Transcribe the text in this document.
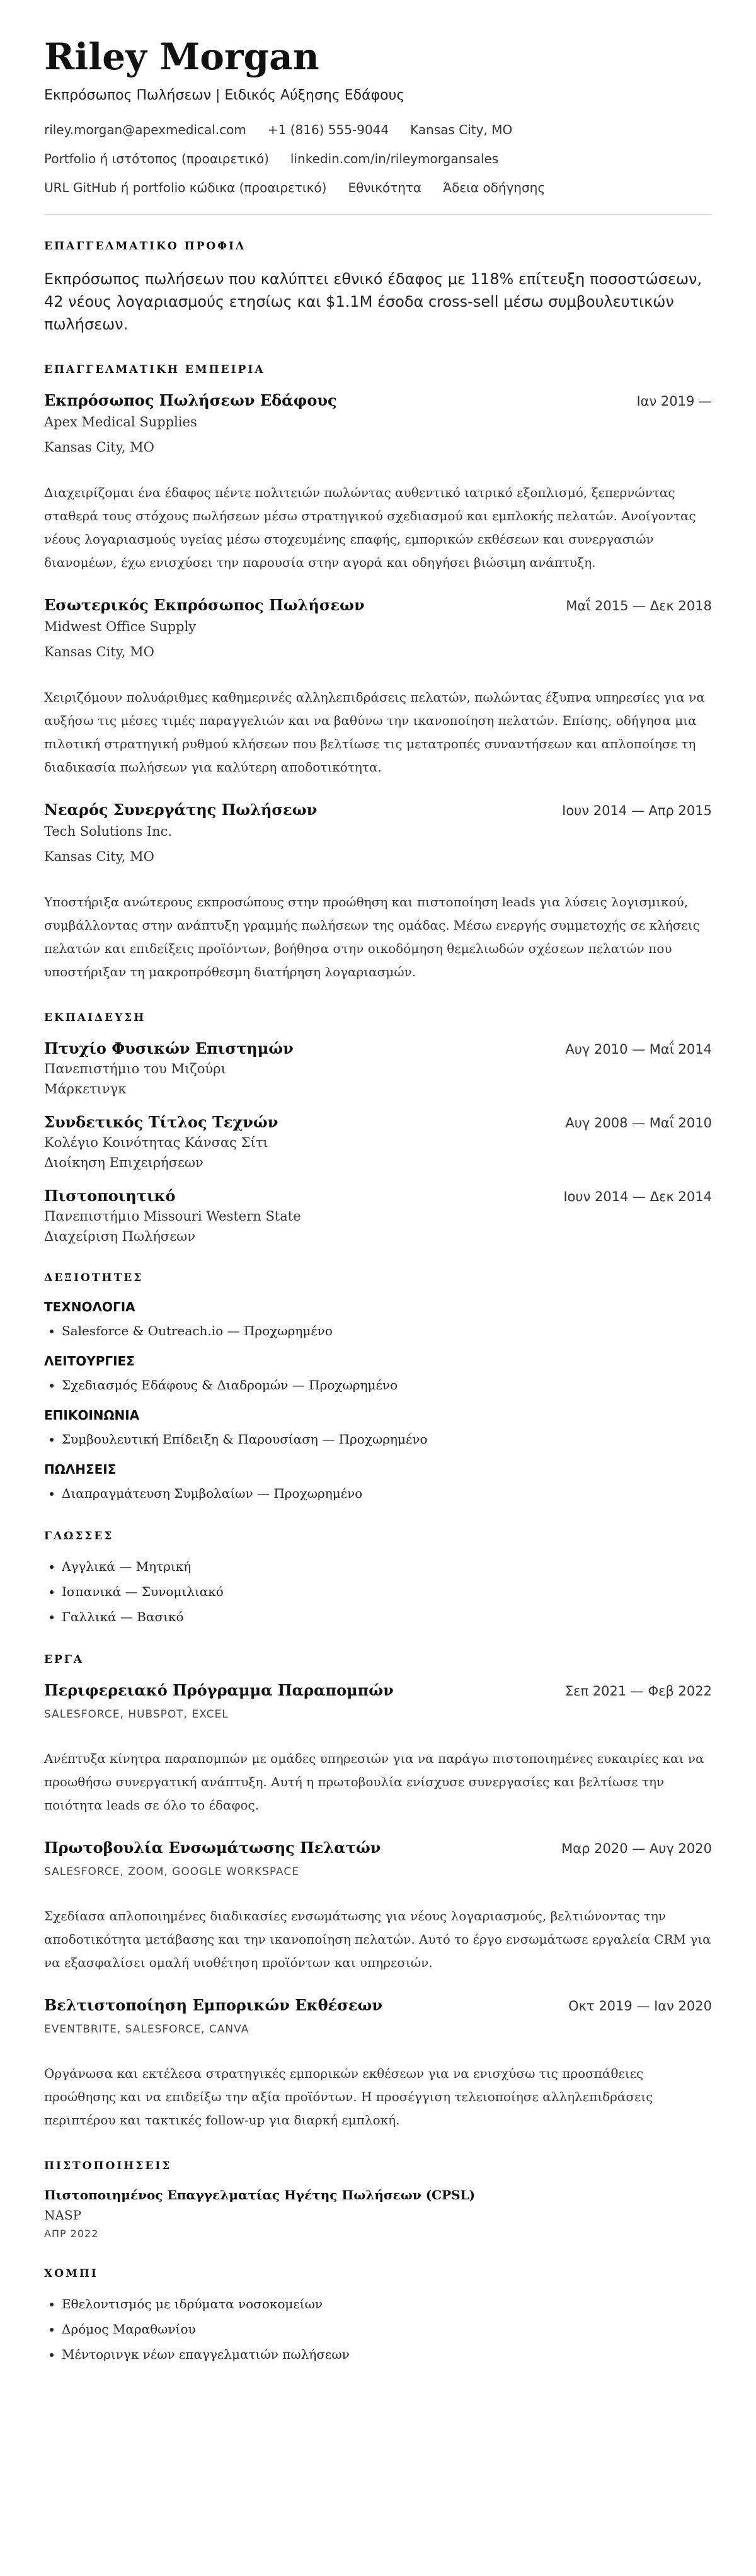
Riley Morgan
Εκπρόσωπος Πωλήσεων | Ειδικός Αύξησης Εδάφους
riley.morgan@apexmedical.com +1 (816) 555-9044 Kansas City, MO
Portfolio ή ιστότοπος (προαιρετικό) linkedin.com/in/rileymorgansales
URL GitHub ή portfolio κώδικα (προαιρετικό) Εθνικότητα Άδεια οδήγησης
ΕΠΑΓΓΕΛΜΑΤΙΚΟ ΠΡΟΦΙΛ

Εκπρόσωπος πωλήσεων που καλύπτει εθνικό έδαφος με 118% επίτευξη ποσοστώσεων, 42 νέους λογαριασμούς ετησίως και $1.1M έσοδα cross-sell μέσω συμβουλευτικών πωλήσεων.

ΕΠΑΓΓΕΛΜΑΤΙΚΗ ΕΜΠΕΙΡΙΑ
Εκπρόσωπος Πωλήσεων Εδάφους	Ιαν 2019 —
Apex Medical Supplies
Kansas City, MO

Διαχειρίζομαι ένα έδαφος πέντε πολιτειών πωλώντας αυθεντικό ιατρικό εξοπλισμό, ξεπερνώντας σταθερά τους στόχους πωλήσεων μέσω στρατηγικού σχεδιασμού και εμπλοκής πελατών. Ανοίγοντας νέους λογαριασμούς υγείας μέσω στοχευμένης επαφής, εμπορικών εκθέσεων και συνεργασιών διανομέων, έχω ενισχύσει την παρουσία στην αγορά και οδηγήσει βιώσιμη ανάπτυξη.

Εσωτερικός Εκπρόσωπος Πωλήσεων	Μαΐ 2015 — Δεκ 2018
Midwest Office Supply
Kansas City, MO

Χειριζόμουν πολυάριθμες καθημερινές αλληλεπιδράσεις πελατών, πωλώντας έξυπνα υπηρεσίες για να αυξήσω τις μέσες τιμές παραγγελιών και να βαθύνω την ικανοποίηση πελατών. Επίσης, οδήγησα μια πιλοτική στρατηγική ρυθμού κλήσεων που βελτίωσε τις μετατροπές συναντήσεων και απλοποίησε τη διαδικασία πωλήσεων για καλύτερη αποδοτικότητα.

Νεαρός Συνεργάτης Πωλήσεων	Ιουν 2014 — Απρ 2015
Tech Solutions Inc.
Kansas City, MO

Υποστήριξα ανώτερους εκπροσώπους στην προώθηση και πιστοποίηση leads για λύσεις λογισμικού, συμβάλλοντας στην ανάπτυξη γραμμής πωλήσεων της ομάδας. Μέσω ενεργής συμμετοχής σε κλήσεις πελατών και επιδείξεις προϊόντων, βοήθησα στην οικοδόμηση θεμελιωδών σχέσεων πελατών που υποστήριξαν τη μακροπρόθεσμη διατήρηση λογαριασμών.

ΕΚΠΑΙΔΕΥΣΗ
Πτυχίο Φυσικών Επιστημών	Αυγ 2010 — Μαΐ 2014
Πανεπιστήμιο του Μιζούρι
Μάρκετινγκ
Συνδετικός Τίτλος Τεχνών	Αυγ 2008 — Μαΐ 2010
Κολέγιο Κοινότητας Κάνσας Σίτι
Διοίκηση Επιχειρήσεων
Πιστοποιητικό	Ιουν 2014 — Δεκ 2014
Πανεπιστήμιο Missouri Western State
Διαχείριση Πωλήσεων
ΔΕΞΙΟΤΗΤΕΣ
ΤΕΧΝΟΛΟΓΙΑ
• Salesforce & Outreach.io — Προχωρημένο
ΛΕΙΤΟΥΡΓΙΕΣ
• Σχεδιασμός Εδάφους & Διαδρομών — Προχωρημένο
ΕΠΙΚΟΙΝΩΝΙΑ
• Συμβουλευτική Επίδειξη & Παρουσίαση — Προχωρημένο
ΠΩΛΗΣΕΙΣ
• Διαπραγμάτευση Συμβολαίων — Προχωρημένο
ΓΛΩΣΣΕΣ
• Αγγλικά — Μητρική
• Ισπανικά — Συνομιλιακό
• Γαλλικά — Βασικό
ΕΡΓΑ
Περιφερειακό Πρόγραμμα Παραπομπών	Σεπ 2021 — Φεβ 2022
SALESFORCE, HUBSPOT, EXCEL

Ανέπτυξα κίνητρα παραπομπών με ομάδες υπηρεσιών για να παράγω πιστοποιημένες ευκαιρίες και να προωθήσω συνεργατική ανάπτυξη. Αυτή η πρωτοβουλία ενίσχυσε συνεργασίες και βελτίωσε την ποιότητα leads σε όλο το έδαφος.

Πρωτοβουλία Ενσωμάτωσης Πελατών	Μαρ 2020 — Αυγ 2020
SALESFORCE, ZOOM, GOOGLE WORKSPACE

Σχεδίασα απλοποιημένες διαδικασίες ενσωμάτωσης για νέους λογαριασμούς, βελτιώνοντας την αποδοτικότητα μετάβασης και την ικανοποίηση πελατών. Αυτό το έργο ενσωμάτωσε εργαλεία CRM για να εξασφαλίσει ομαλή υιοθέτηση προϊόντων και υπηρεσιών.

Βελτιστοποίηση Εμπορικών Εκθέσεων	Οκτ 2019 — Ιαν 2020
EVENTBRITE, SALESFORCE, CANVA

Οργάνωσα και εκτέλεσα στρατηγικές εμπορικών εκθέσεων για να ενισχύσω τις προσπάθειες προώθησης και να επιδείξω την αξία προϊόντων. Η προσέγγιση τελειοποίησε αλληλεπιδράσεις περιπτέρου και τακτικές follow-up για διαρκή εμπλοκή.

ΠΙΣΤΟΠΟΙΗΣΕΙΣ
Πιστοποιημένος Επαγγελματίας Ηγέτης Πωλήσεων (CPSL)
NASP
ΑΠΡ 2022
ΧΟΜΠΙ
• Εθελοντισμός με ιδρύματα νοσοκομείων
• Δρόμος Μαραθωνίου
• Μέντορινγκ νέων επαγγελματιών πωλήσεων
